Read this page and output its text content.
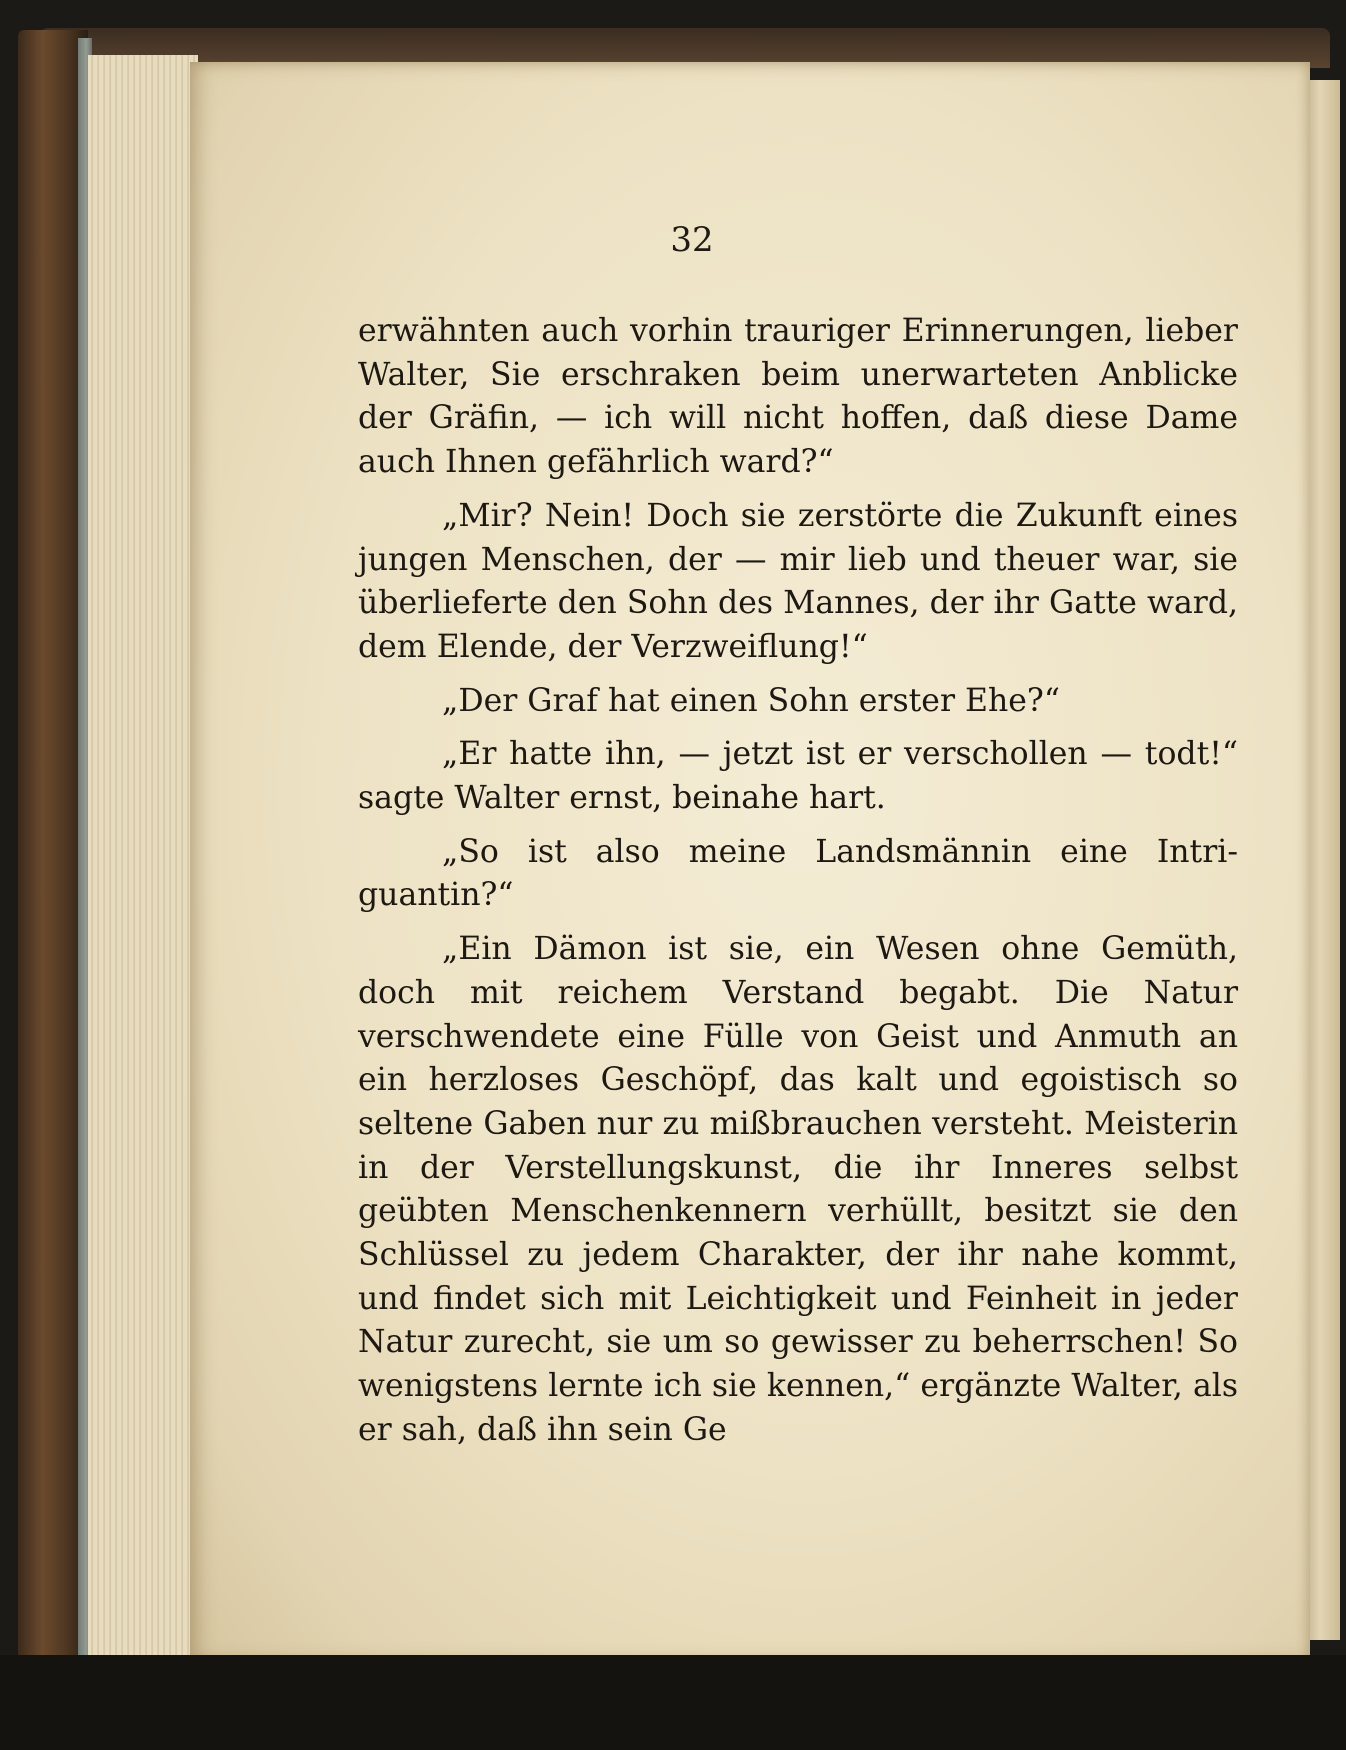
32

erwähnten auch vorhin trauriger Erinnerungen, lieber Walter, Sie erschraken beim unerwarteten Anblicke der Gräfin, — ich will nicht hoffen, daß diese Dame auch Ihnen gefährlich ward?“

„Mir? Nein! Doch sie zerstörte die Zukunft eines jungen Menschen, der — mir lieb und theuer war, sie überlieferte den Sohn des Mannes, der ihr Gatte ward, dem Elende, der Verzweiflung!“

„Der Graf hat einen Sohn erster Ehe?“

„Er hatte ihn, — jetzt ist er verschollen — todt!“ sagte Walter ernst, beinahe hart.

„So ist also meine Landsmännin eine Intriguantin?“

„Ein Dämon ist sie, ein Wesen ohne Gemüth, doch mit reichem Verstand begabt. Die Natur verschwendete eine Fülle von Geist und Anmuth an ein herzloses Geschöpf, das kalt und egoistisch so seltene Gaben nur zu mißbrauchen versteht. Meisterin in der Verstellungskunst, die ihr Inneres selbst geübten Menschenkennern verhüllt, besitzt sie den Schlüssel zu jedem Charakter, der ihr nahe kommt, und findet sich mit Leichtigkeit und Feinheit in jeder Natur zurecht, sie um so gewisser zu beherrschen! So wenigstens lernte ich sie kennen,“ ergänzte Walter, als er sah, daß ihn sein Ge
